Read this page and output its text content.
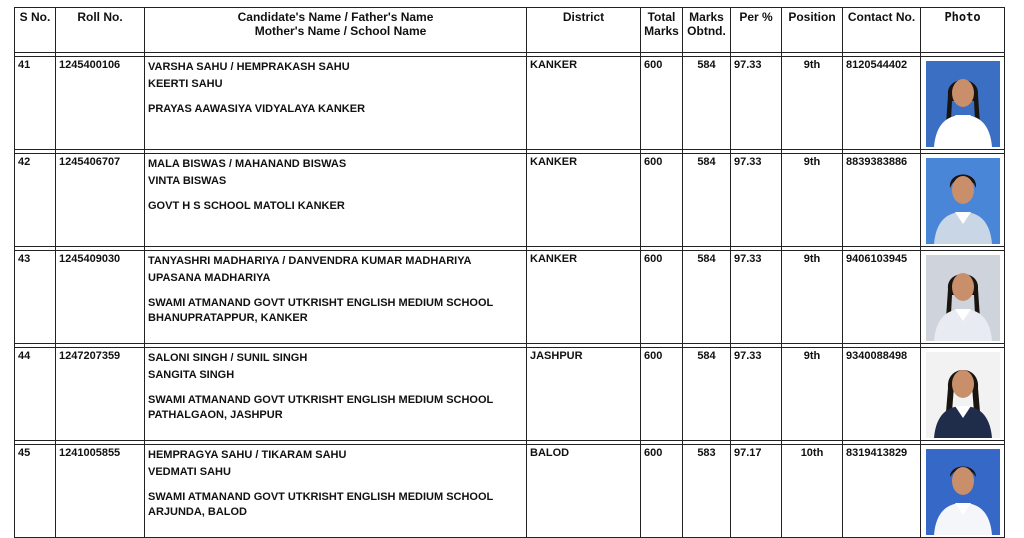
S No.	Roll No.	Candidate's Name / Father's Name
Mother's Name / School Name	District	Total Marks	Marks Obtnd.	Per %	Position	Contact No.	Photo

41	1245400106	VARSHA SAHU / HEMPRAKASH SAHU
KEERTI SAHU
PRAYAS AAWASIYA VIDYALAYA KANKER	KANKER	600	584	97.33	9th	8120544402	

42	1245406707	MALA BISWAS / MAHANAND BISWAS
VINTA BISWAS
GOVT H S SCHOOL MATOLI KANKER	KANKER	600	584	97.33	9th	8839383886	

43	1245409030	TANYASHRI MADHARIYA / DANVENDRA KUMAR MADHARIYA
UPASANA MADHARIYA
SWAMI ATMANAND GOVT UTKRISHT ENGLISH MEDIUM SCHOOL BHANUPRATAPPUR, KANKER	KANKER	600	584	97.33	9th	9406103945	

44	1247207359	SALONI SINGH / SUNIL SINGH
SANGITA SINGH
SWAMI ATMANAND GOVT UTKRISHT ENGLISH MEDIUM SCHOOL PATHALGAON, JASHPUR	JASHPUR	600	584	97.33	9th	9340088498	

45	1241005855	HEMPRAGYA SAHU / TIKARAM SAHU
VEDMATI SAHU
SWAMI ATMANAND GOVT UTKRISHT ENGLISH MEDIUM SCHOOL ARJUNDA, BALOD	BALOD	600	583	97.17	10th	8319413829	
